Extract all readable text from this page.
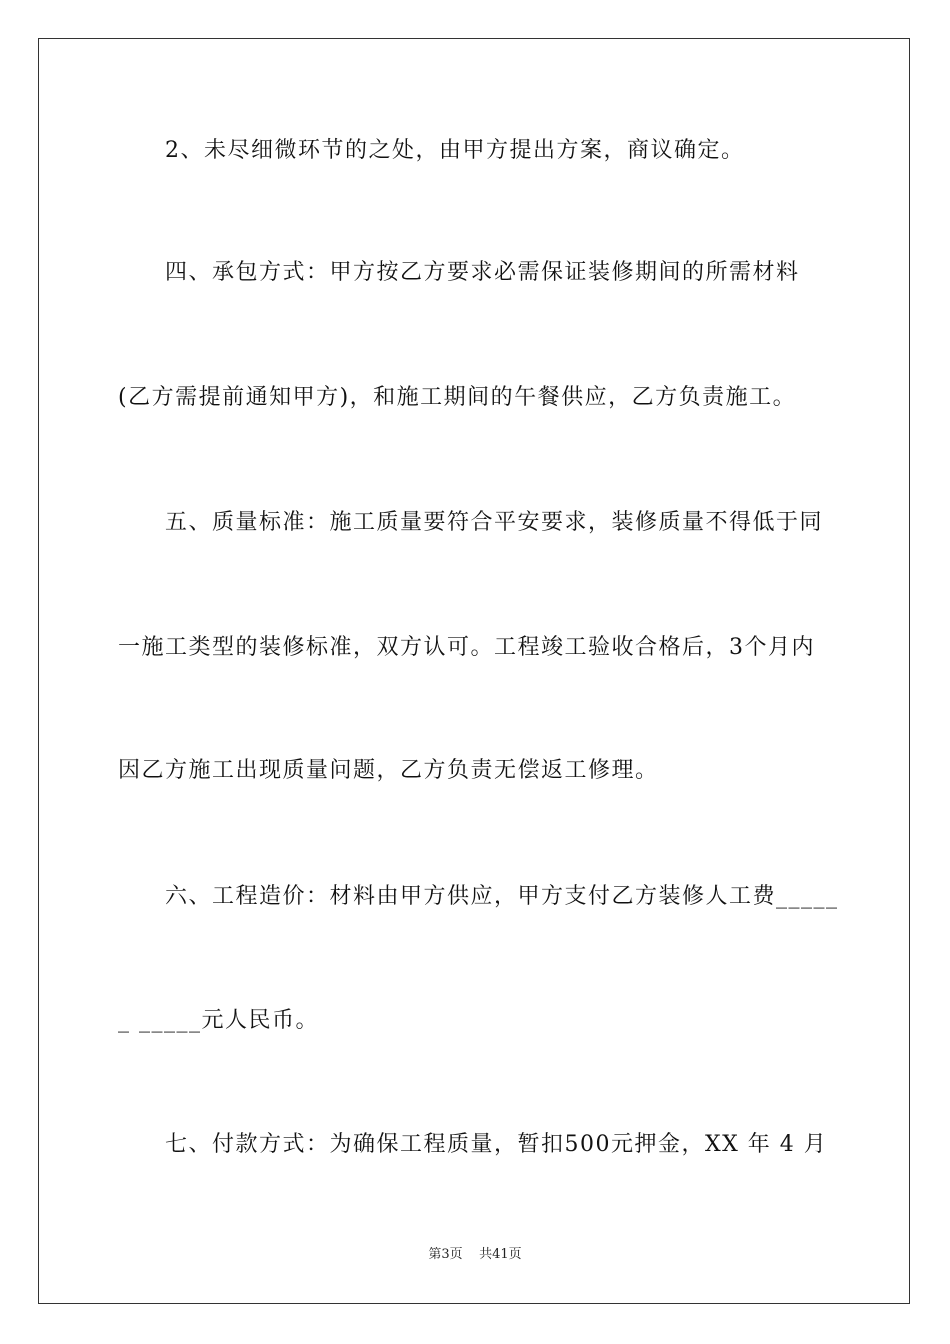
2、未尽细微环节的之处，由甲方提出方案，商议确定。
四、承包方式：甲方按乙方要求必需保证装修期间的所需材料
(乙方需提前通知甲方)，和施工期间的午餐供应，乙方负责施工。
五、质量标准：施工质量要符合平安要求，装修质量不得低于同
一施工类型的装修标准，双方认可。工程竣工验收合格后，3个月内
因乙方施工出现质量问题，乙方负责无偿返工修理。
六、工程造价：材料由甲方供应，甲方支付乙方装修人工费_____
_ _____元人民币。
七、付款方式：为确保工程质量，暂扣500元押金，XX 年 4 月
第3页    共41页
